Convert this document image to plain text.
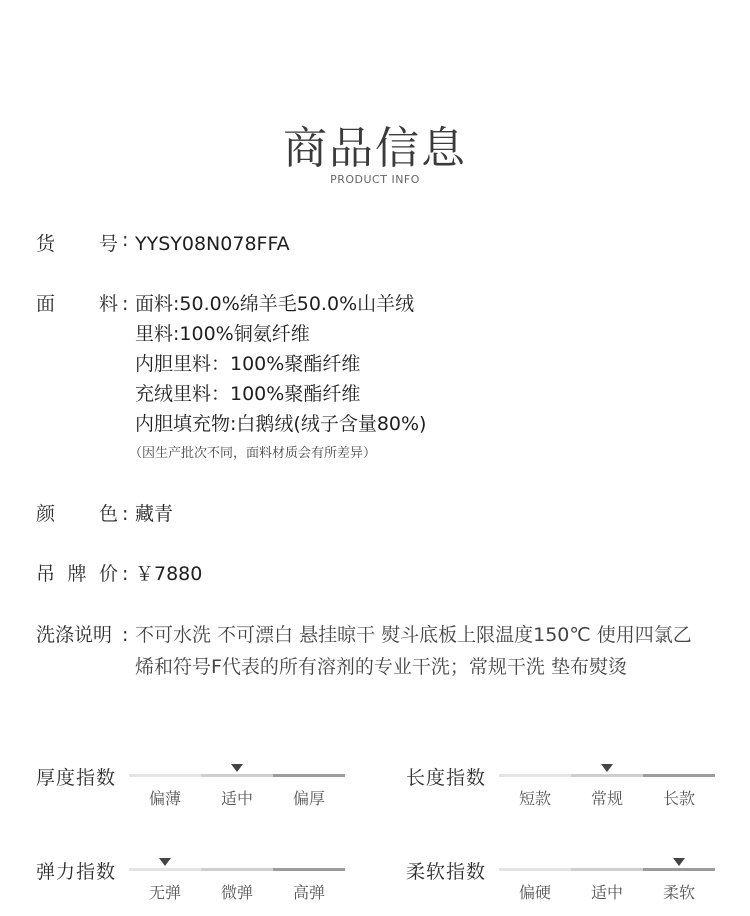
商品信息
PRODUCT INFO
货 号 : YYSY08N078FFA
面 料 : 面料:50.0%绵羊毛50.0%山羊绒
里料:100%铜氨纤维
内胆里料：100%聚酯纤维
充绒里料：100%聚酯纤维
内胆填充物:白鹅绒(绒子含量80%)
（因生产批次不同，面料材质会有所差异）
颜 色 : 藏青
吊 牌 价 : ￥7880
洗涤说明 : 不可水洗 不可漂白 悬挂晾干 熨斗底板上限温度150℃ 使用四氯乙
烯和符号F代表的所有溶剂的专业干洗；常规干洗 垫布熨烫
厚度指数
偏薄	适中	偏厚
长度指数
短款	常规	长款
弹力指数
无弹	微弹	高弹
柔软指数
偏硬	适中	柔软
